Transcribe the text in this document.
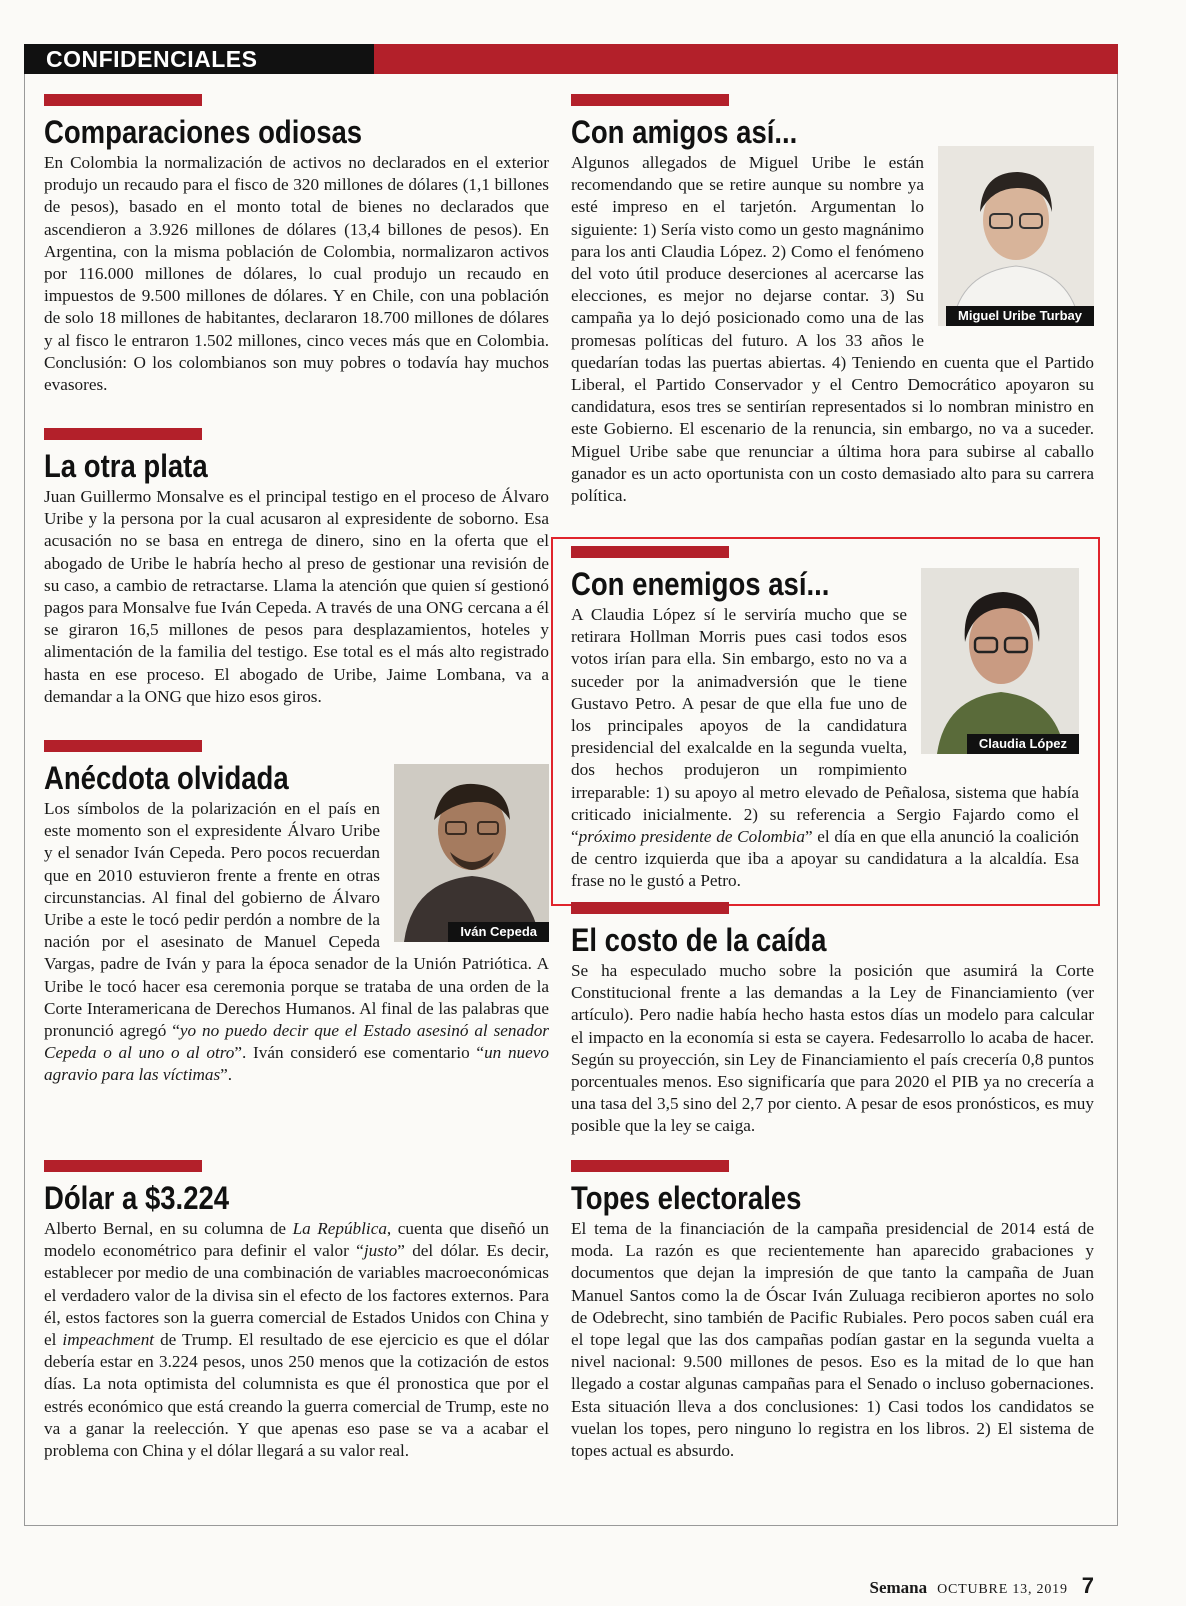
CONFIDENCIALES
Comparaciones odiosas

En Colombia la normalización de activos no declarados en el exterior produjo un recaudo para el fisco de 320 millones de dólares (1,1 billones de pesos), basado en el monto total de bienes no declarados que ascendieron a 3.926 millones de dólares (13,4 billones de pesos). En Argentina, con la misma población de Colombia, normalizaron activos por 116.000 millones de dólares, lo cual produjo un recaudo en impuestos de 9.500 millones de dólares. Y en Chile, con una población de solo 18 millones de habitantes, declararon 18.700 millones de dólares y al fisco le entraron 1.502 millones, cinco veces más que en Colombia. Conclusión: O los colombianos son muy pobres o todavía hay muchos evasores.

La otra plata

Juan Guillermo Monsalve es el principal testigo en el proceso de Álvaro Uribe y la persona por la cual acusaron al expresidente de soborno. Esa acusación no se basa en entrega de dinero, sino en la oferta que el abogado de Uribe le habría hecho al preso de gestionar una revisión de su caso, a cambio de retractarse. Llama la atención que quien sí gestionó pagos para Monsalve fue Iván Cepeda. A través de una ONG cercana a él se giraron 16,5 millones de pesos para desplazamientos, hoteles y alimentación de la familia del testigo. Ese total es el más alto registrado hasta en ese proceso. El abogado de Uribe, Jaime Lombana, va a demandar a la ONG que hizo esos giros.

Iván Cepeda
Anécdota olvidada

Los símbolos de la polarización en el país en este momento son el expresidente Álvaro Uribe y el senador Iván Cepeda. Pero pocos recuerdan que en 2010 estuvieron frente a frente en otras circunstancias. Al final del gobierno de Álvaro Uribe a este le tocó pedir perdón a nombre de la nación por el asesinato de Manuel Cepeda Vargas, padre de Iván y para la época senador de la Unión Patriótica. A Uribe le tocó hacer esa ceremonia porque se trataba de una orden de la Corte Interamericana de Derechos Humanos. Al final de las palabras que pronunció agregó “yo no puedo decir que el Estado asesinó al senador Cepeda o al uno o al otro”. Iván consideró ese comentario “un nuevo agravio para las víctimas”.

Dólar a $3.224

Alberto Bernal, en su columna de La República, cuenta que diseñó un modelo econométrico para definir el valor “justo” del dólar. Es decir, establecer por medio de una combinación de variables macroeconómicas el verdadero valor de la divisa sin el efecto de los factores externos. Para él, estos factores son la guerra comercial de Estados Unidos con China y el impeachment de Trump. El resultado de ese ejercicio es que el dólar debería estar en 3.224 pesos, unos 250 menos que la cotización de estos días. La nota optimista del columnista es que él pronostica que por el estrés económico que está creando la guerra comercial de Trump, este no va a ganar la reelección. Y que apenas eso pase se va a acabar el problema con China y el dólar llegará a su valor real.

Miguel Uribe Turbay
Con amigos así...

Algunos allegados de Miguel Uribe le están recomendando que se retire aunque su nombre ya esté impreso en el tarjetón. Argumentan lo siguiente: 1) Sería visto como un gesto magnánimo para los anti Claudia López. 2) Como el fenómeno del voto útil produce deserciones al acercarse las elecciones, es mejor no dejarse contar. 3) Su campaña ya lo dejó posicionado como una de las promesas políticas del futuro. A los 33 años le quedarían todas las puertas abiertas. 4) Teniendo en cuenta que el Partido Liberal, el Partido Conservador y el Centro Democrático apoyaron su candidatura, esos tres se sentirían representados si lo nombran ministro en este Gobierno. El escenario de la renuncia, sin embargo, no va a suceder. Miguel Uribe sabe que renunciar a última hora para subirse al caballo ganador es un acto oportunista con un costo demasiado alto para su carrera política.

Claudia López
Con enemigos así...

A Claudia López sí le serviría mucho que se retirara Hollman Morris pues casi todos esos votos irían para ella. Sin embargo, esto no va a suceder por la animadversión que le tiene Gustavo Petro. A pesar de que ella fue uno de los principales apoyos de la candidatura presidencial del exalcalde en la segunda vuelta, dos hechos produjeron un rompimiento irreparable: 1) su apoyo al metro elevado de Peñalosa, sistema que había criticado inicialmente. 2) su referencia a Sergio Fajardo como el “próximo presidente de Colombia” el día en que ella anunció la coalición de centro izquierda que iba a apoyar su candidatura a la alcaldía. Esa frase no le gustó a Petro.

El costo de la caída

Se ha especulado mucho sobre la posición que asumirá la Corte Constitucional frente a las demandas a la Ley de Financiamiento (ver artículo). Pero nadie había hecho hasta estos días un modelo para calcular el impacto en la economía si esta se cayera. Fedesarrollo lo acaba de hacer. Según su proyección, sin Ley de Financiamiento el país crecería 0,8 puntos porcentuales menos. Eso significaría que para 2020 el PIB ya no crecería a una tasa del 3,5 sino del 2,7 por ciento. A pesar de esos pronósticos, es muy posible que la ley se caiga.

Topes electorales

El tema de la financiación de la campaña presidencial de 2014 está de moda. La razón es que recientemente han aparecido grabaciones y documentos que dejan la impresión de que tanto la campaña de Juan Manuel Santos como la de Óscar Iván Zuluaga recibieron aportes no solo de Odebrecht, sino también de Pacific Rubiales. Pero pocos saben cuál era el tope legal que las dos campañas podían gastar en la segunda vuelta a nivel nacional: 9.500 millones de pesos. Eso es la mitad de lo que han llegado a costar algunas campañas para el Senado o incluso gobernaciones. Esta situación lleva a dos conclusiones: 1) Casi todos los candidatos se vuelan los topes, pero ninguno lo registra en los libros. 2) El sistema de topes actual es absurdo.

Semana OCTUBRE 13, 2019 7
